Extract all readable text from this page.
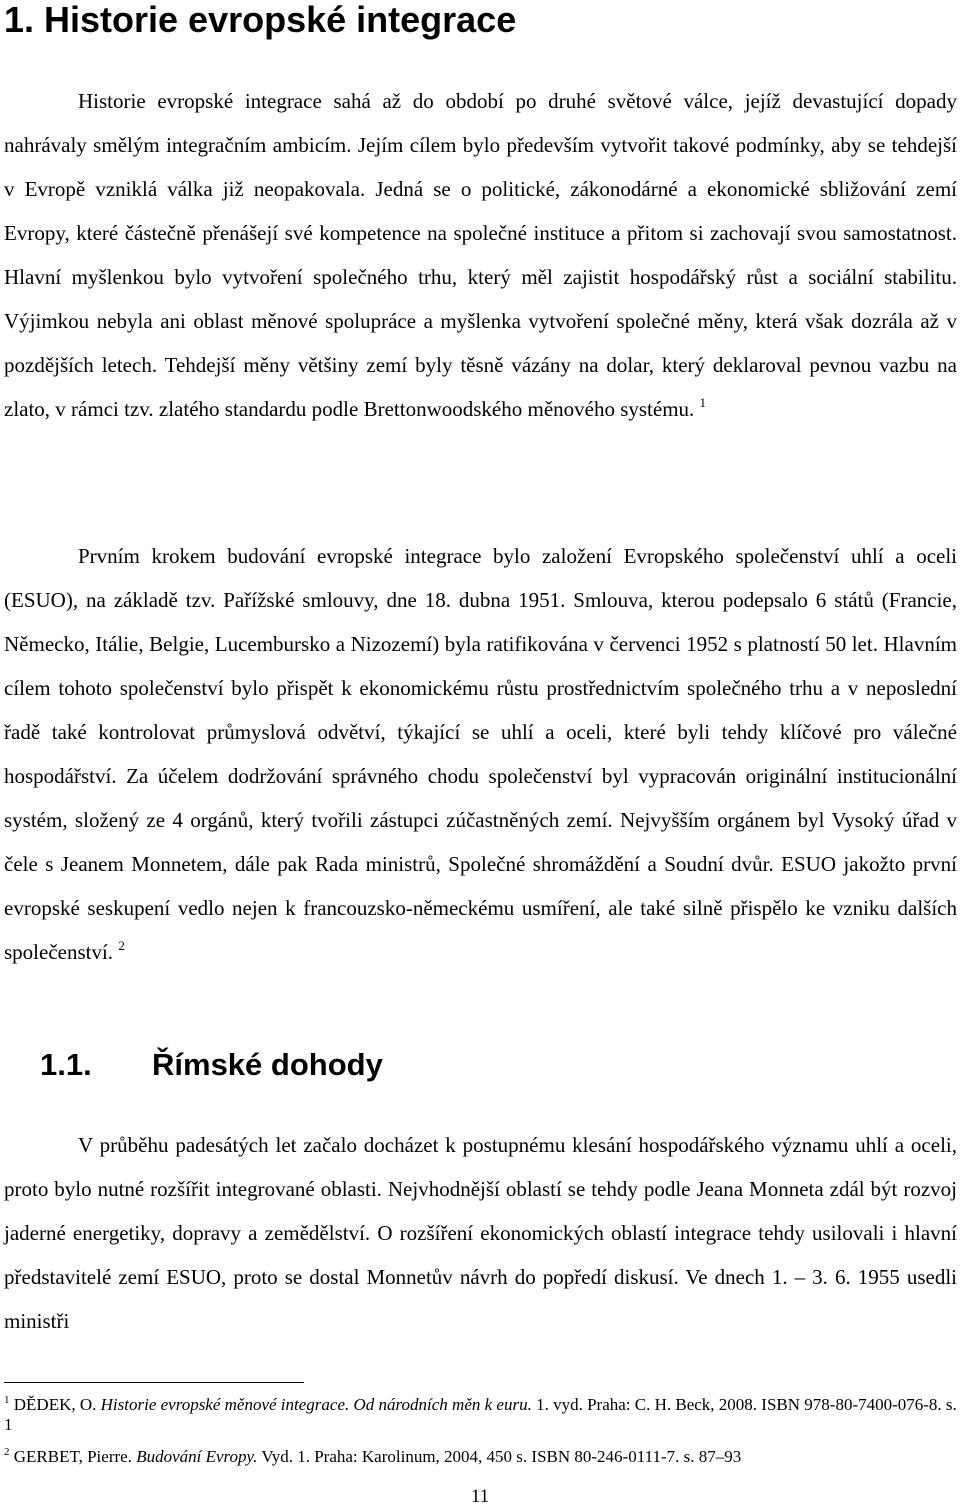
1. Historie evropské integrace

Historie evropské integrace sahá až do období po druhé světové válce, jejíž devastující dopady nahrávaly smělým integračním ambicím. Jejím cílem bylo především vytvořit takové podmínky, aby se tehdejší v Evropě vzniklá válka již neopakovala. Jedná se o politické, zákonodárné a ekonomické sbližování zemí Evropy, které částečně přenášejí své kompetence na společné instituce a přitom si zachovají svou samostatnost. Hlavní myšlenkou bylo vytvoření společného trhu, který měl zajistit hospodářský růst a sociální stabilitu. Výjimkou nebyla ani oblast měnové spolupráce a myšlenka vytvoření společné měny, která však dozrála až v pozdějších letech. Tehdejší měny většiny zemí byly těsně vázány na dolar, který deklaroval pevnou vazbu na zlato, v rámci tzv. zlatého standardu podle Brettonwoodského měnového systému. $^1$

Prvním krokem budování evropské integrace bylo založení Evropského společenství uhlí a oceli (ESUO), na základě tzv. Pařížské smlouvy, dne 18. dubna 1951. Smlouva, kterou podepsalo 6 států (Francie, Německo, Itálie, Belgie, Lucembursko a Nizozemí) byla ratifikována v červenci 1952 s platností 50 let. Hlavním cílem tohoto společenství bylo přispět k ekonomickému růstu prostřednictvím společného trhu a v neposlední řadě také kontrolovat průmyslová odvětví, týkající se uhlí a oceli, které byli tehdy klíčové pro válečné hospodářství. Za účelem dodržování správného chodu společenství byl vypracován originální institucionální systém, složený ze 4 orgánů, který tvořili zástupci zúčastněných zemí. Nejvyšším orgánem byl Vysoký úřad v čele s Jeanem Monnetem, dále pak Rada ministrů, Společné shromáždění a Soudní dvůr. ESUO jakožto první evropské seskupení vedlo nejen k francouzsko-německému usmíření, ale také silně přispělo ke vzniku dalších společenství. $^2$

1.1. Římské dohody

V průběhu padesátých let začalo docházet k postupnému klesání hospodářského významu uhlí a oceli, proto bylo nutné rozšířit integrované oblasti. Nejvhodnější oblastí se tehdy podle Jeana Monneta zdál být rozvoj jaderné energetiky, dopravy a zemědělství. O rozšíření ekonomických oblastí integrace tehdy usilovali i hlavní představitelé zemí ESUO, proto se dostal Monnetův návrh do popředí diskusí. Ve dnech 1. – 3. 6. 1955 usedli ministři

$^1$ DĚDEK, O. Historie evropské měnové integrace. Od národních měn k euru. 1. vyd. Praha: C. H. Beck, 2008. ISBN 978-80-7400-076-8. s. 1

$^2$ GERBET, Pierre. Budování Evropy. Vyd. 1. Praha: Karolinum, 2004, 450 s. ISBN 80-246-0111-7. s. 87–93

11
